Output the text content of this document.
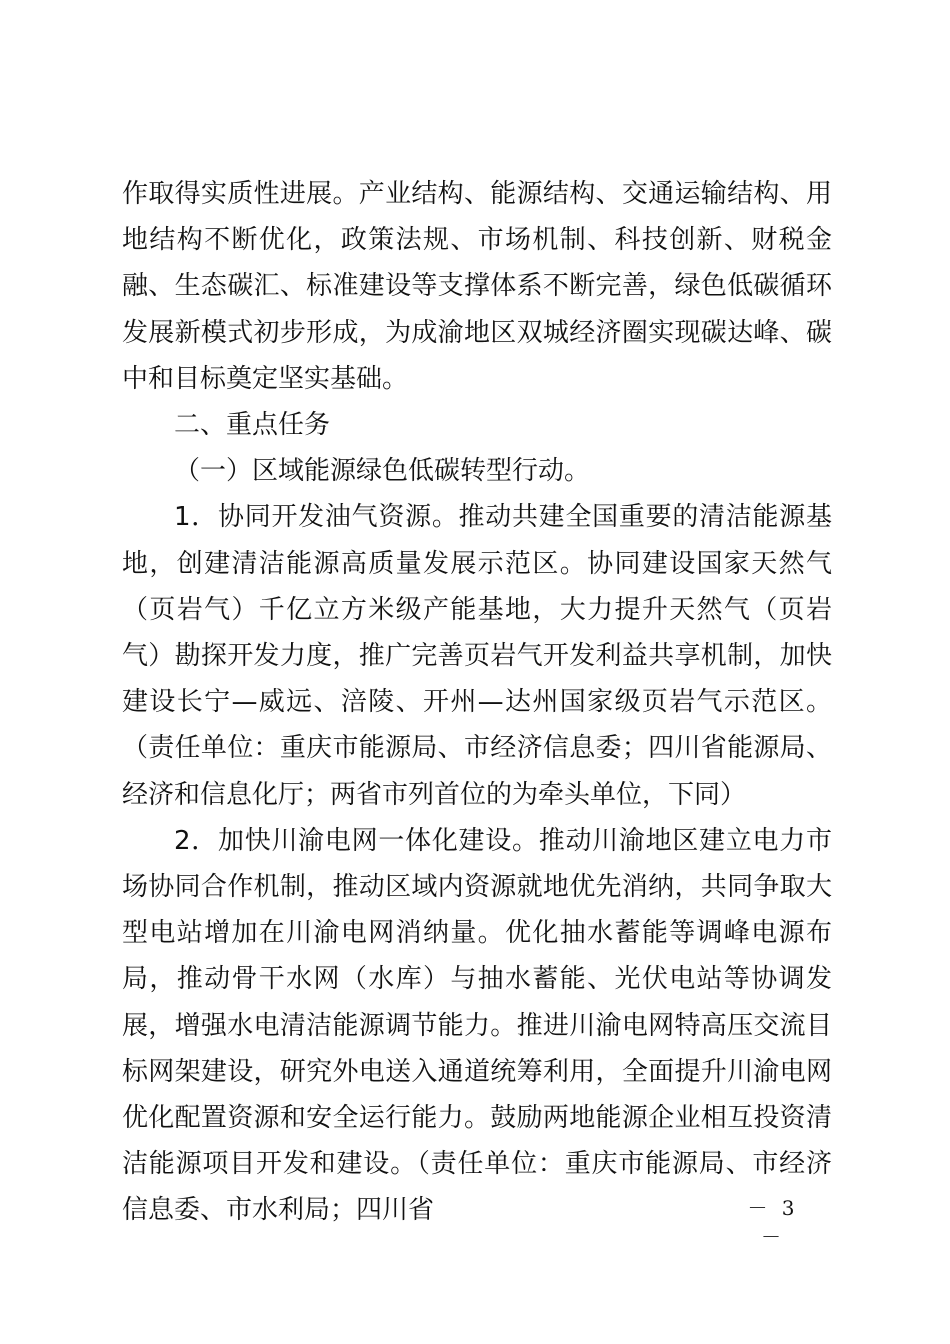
作取得实质性进展。产业结构、能源结构、交通运输结构、用地结构不断优化，政策法规、市场机制、科技创新、财税金融、生态碳汇、标准建设等支撑体系不断完善，绿色低碳循环发展新模式初步形成，为成渝地区双城经济圈实现碳达峰、碳中和目标奠定坚实基础。

二、重点任务

（一）区域能源绿色低碳转型行动。

1．协同开发油气资源。推动共建全国重要的清洁能源基地，创建清洁能源高质量发展示范区。协同建设国家天然气（页岩气）千亿立方米级产能基地，大力提升天然气（页岩气）勘探开发力度，推广完善页岩气开发利益共享机制，加快建设长宁—威远、涪陵、开州—达州国家级页岩气示范区。（责任单位：重庆市能源局、市经济信息委；四川省能源局、经济和信息化厅；两省市列首位的为牵头单位，下同）

2．加快川渝电网一体化建设。推动川渝地区建立电力市场协同合作机制，推动区域内资源就地优先消纳，共同争取大型电站增加在川渝电网消纳量。优化抽水蓄能等调峰电源布局，推动骨干水网（水库）与抽水蓄能、光伏电站等协调发展，增强水电清洁能源调节能力。推进川渝电网特高压交流目标网架建设，研究外电送入通道统筹利用，全面提升川渝电网优化配置资源和安全运行能力。鼓励两地能源企业相互投资清洁能源项目开发和建设。（责任单位：重庆市能源局、市经济信息委、市水利局；四川省	－ 3 －
